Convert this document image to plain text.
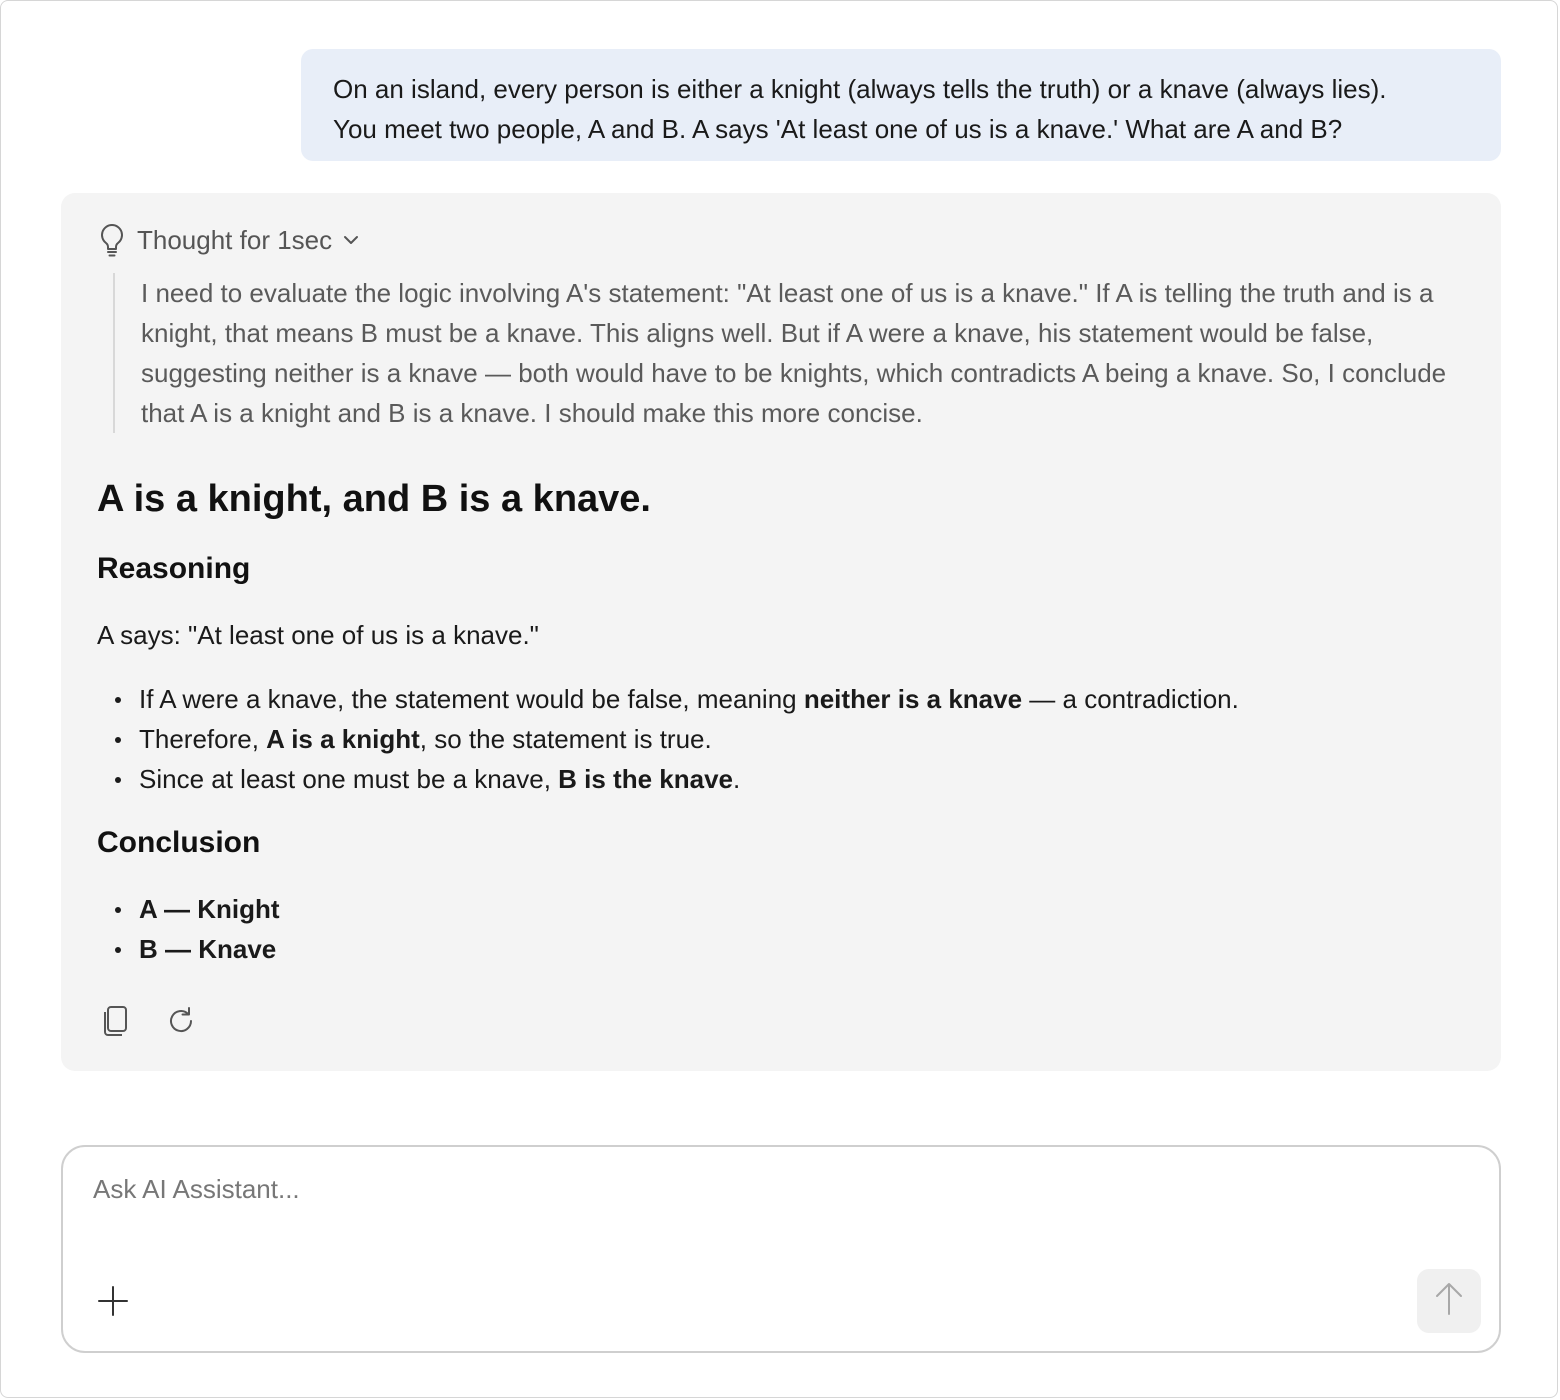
On an island, every person is either a knight (always tells the truth) or a knave (always lies).
You meet two people, A and B. A says 'At least one of us is a knave.' What are A and B?
Thought for 1sec
I need to evaluate the logic involving A's statement: "At least one of us is a knave." If A is telling the truth and is a knight, that means B must be a knave. This aligns well. But if A were a knave, his statement would be false, suggesting neither is a knave — both would have to be knights, which contradicts A being a knave. So, I conclude that A is a knight and B is a knave. I should make this more concise.
A is a knight, and B is a knave.
Reasoning

A says: "At least one of us is a knave."

If A were a knave, the statement would be false, meaning neither is a knave — a contradiction.
Therefore, A is a knight, so the statement is true.
Since at least one must be a knave, B is the knave.
Conclusion
A — Knight
B — Knave
Ask AI Assistant...
